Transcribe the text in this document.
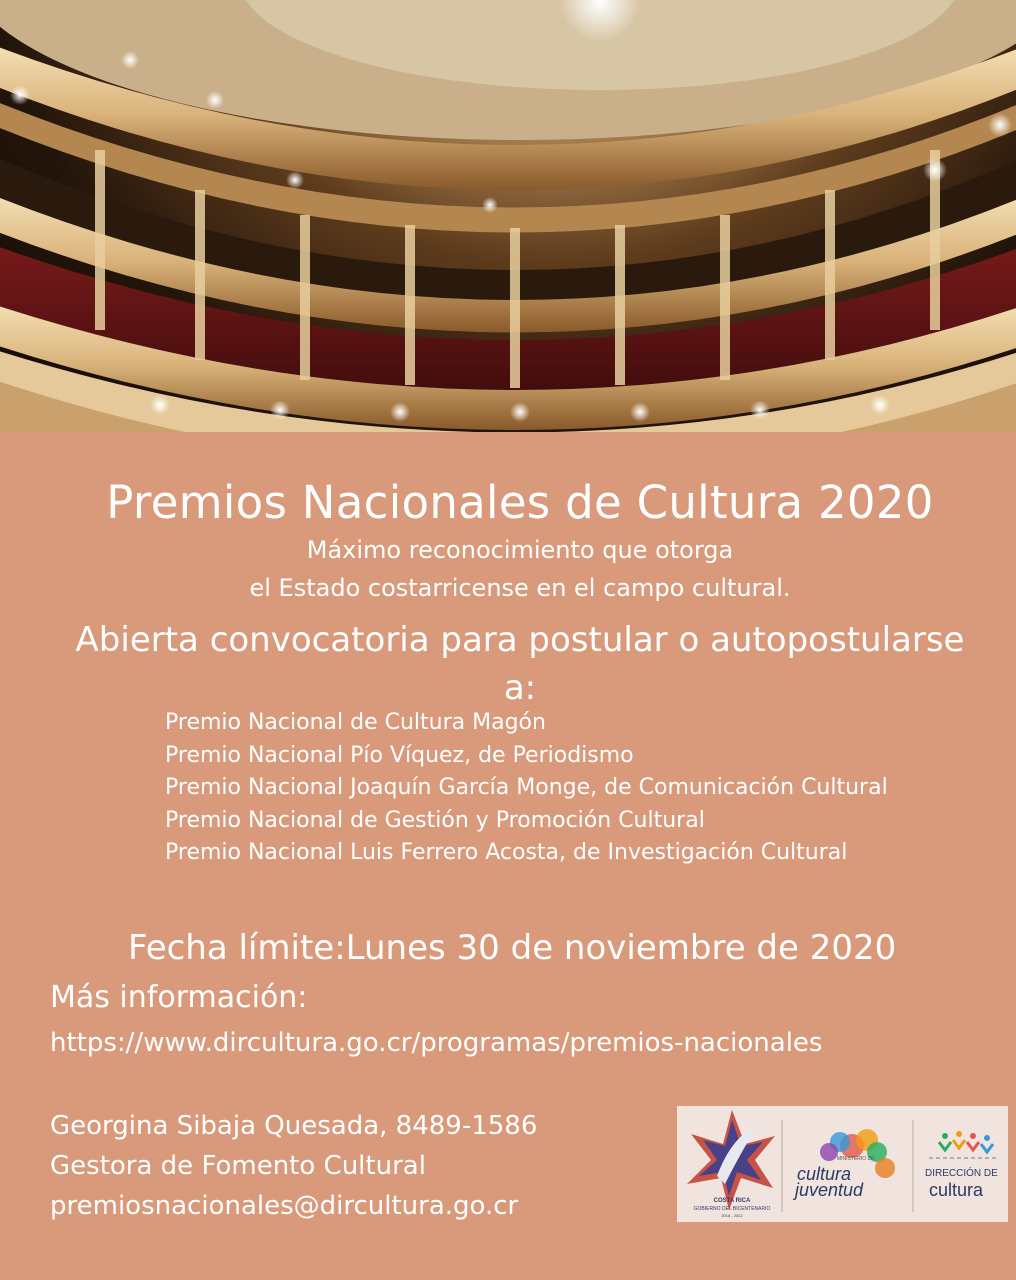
Premios Nacionales de Cultura 2020
Máximo reconocimiento que otorga
el Estado costarricense en el campo cultural.
Abierta convocatoria para postular o autopostularse
a:
Premio Nacional de Cultura Magón
Premio Nacional Pío Víquez, de Periodismo
Premio Nacional Joaquín García Monge, de Comunicación Cultural
Premio Nacional de Gestión y Promoción Cultural
Premio Nacional Luis Ferrero Acosta, de Investigación Cultural
Fecha límite:Lunes 30 de noviembre de 2020
Más información:
https://www.dircultura.go.cr/programas/premios-nacionales
Georgina Sibaja Quesada, 8489-1586
Gestora de Fomento Cultural
premiosnacionales@dircultura.go.cr	COSTA RICA
GOBIERNO DEL BICENTENARIO
2018 - 2022
MINISTERIO DE
cultura
juventud
DIRECCIÓN DE
cultura
